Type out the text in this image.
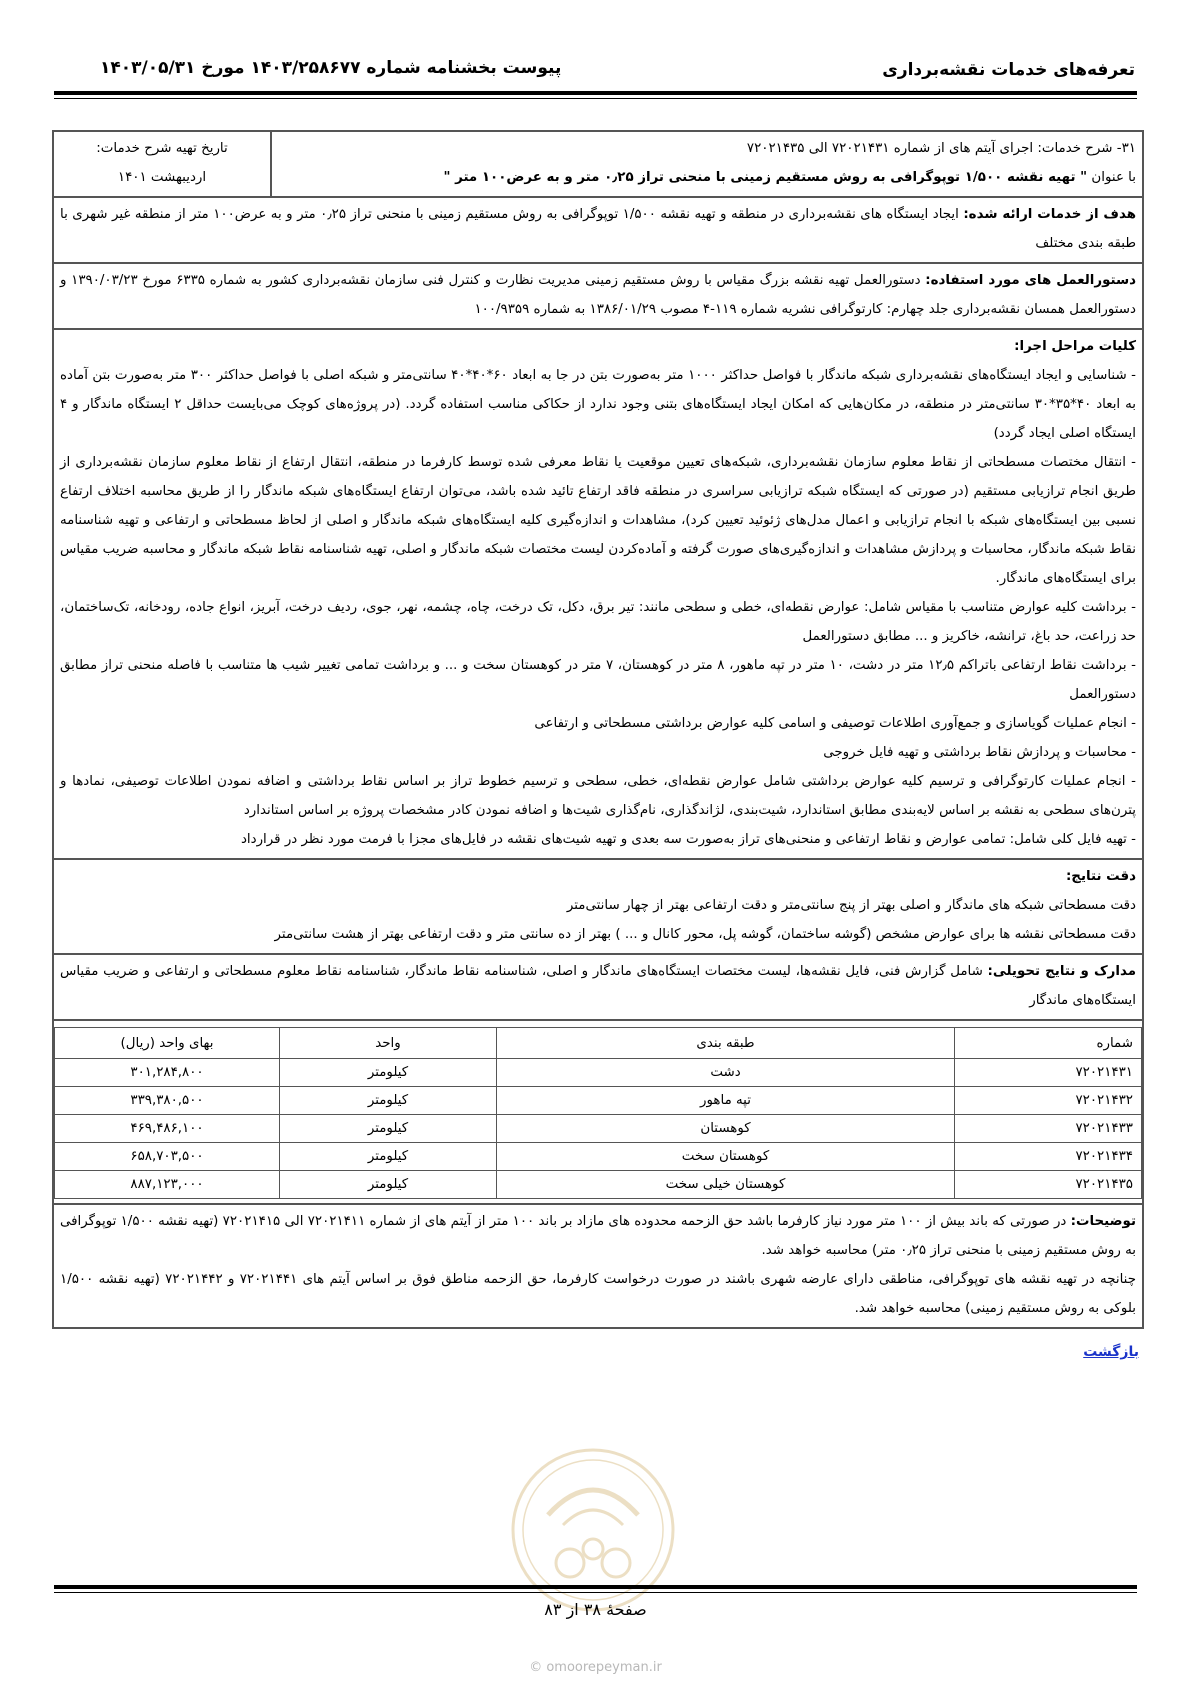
تعرفه‌های خدمات نقشه‌برداری
پیوست بخشنامه شماره ۱۴۰۳/۲۵۸۶۷۷ مورخ ۱۴۰۳/۰۵/۳۱
۳۱- شرح خدمات: اجرای آیتم های از شماره ۷۲۰۲۱۴۳۱ الی ۷۲۰۲۱۴۳۵
با عنوان " تهیه نقشه ۱/۵۰۰ توپوگرافی به روش مستقیم زمینی با منحنی تراز ۰٫۲۵ متر و به عرض۱۰۰ متر "
تاریخ تهیه شرح خدمات:
اردیبهشت ۱۴۰۱
هدف از خدمات ارائه شده: ایجاد ایستگاه های نقشه‌برداری در منطقه و تهیه نقشه ۱/۵۰۰ توپوگرافی به روش مستقیم زمینی با منحنی تراز ۰٫۲۵ متر و به عرض۱۰۰ متر از منطقه غیر شهری با طبقه بندی مختلف
دستورالعمل های مورد استفاده: دستورالعمل تهیه نقشه بزرگ مقیاس با روش مستقیم زمینی مدیریت نظارت و کنترل فنی سازمان نقشه‌برداری کشور به شماره ۶۳۳۵ مورخ ۱۳۹۰/۰۳/۲۳ و دستورالعمل همسان نقشه‌برداری جلد چهارم: کارتوگرافی نشریه شماره ۱۱۹-۴ مصوب ۱۳۸۶/۰۱/۲۹ به شماره ۱۰۰/۹۳۵۹
کلیات مراحل اجرا:
- شناسایی و ایجاد ایستگاه‌های نقشه‌برداری شبکه ماندگار با فواصل حداکثر ۱۰۰۰ متر به‌صورت بتن در جا به ابعاد ۶۰*۴۰*۴۰ سانتی‌متر و شبکه اصلی با فواصل حداکثر ۳۰۰ متر به‌صورت بتن آماده به ابعاد ۴۰*۳۵*۳۰ سانتی‌متر در منطقه، در مکان‌هایی که امکان ایجاد ایستگاه‌های بتنی وجود ندارد از حکاکی مناسب استفاده گردد. (در پروژه‌های کوچک می‌بایست حداقل ۲ ایستگاه ماندگار و ۴ ایستگاه اصلی ایجاد گردد)
- انتقال مختصات مسطحاتی از نقاط معلوم سازمان نقشه‌برداری، شبکه‌های تعیین موقعیت یا نقاط معرفی شده توسط کارفرما در منطقه، انتقال ارتفاع از نقاط معلوم سازمان نقشه‌برداری از طریق انجام ترازیابی مستقیم (در صورتی که ایستگاه شبکه ترازیابی سراسری در منطقه فاقد ارتفاع تائید شده باشد، می‌توان ارتفاع ایستگاه‌های شبکه ماندگار را از طریق محاسبه اختلاف ارتفاع نسبی بین ایستگاه‌های شبکه با انجام ترازیابی و اعمال مدل‌های ژئوئید تعیین کرد)، مشاهدات و اندازه‌گیری کلیه ایستگاه‌های شبکه ماندگار و اصلی از لحاظ مسطحاتی و ارتفاعی و تهیه شناسنامه نقاط شبکه ماندگار، محاسبات و پردازش مشاهدات و اندازه‌گیری‌های صورت گرفته و آماده‌کردن لیست مختصات شبکه ماندگار و اصلی، تهیه شناسنامه نقاط شبکه ماندگار و محاسبه ضریب مقیاس برای ایستگاه‌های ماندگار.
- برداشت کلیه عوارض متناسب با مقیاس شامل: عوارض نقطه‌ای، خطی و سطحی مانند: تیر برق، دکل، تک درخت، چاه، چشمه، نهر، جوی، ردیف درخت، آبریز، انواع جاده، رودخانه، تک‌ساختمان، حد زراعت، حد باغ، ترانشه، خاکریز و ... مطابق دستورالعمل
- برداشت نقاط ارتفاعی باتراکم ۱۲٫۵ متر در دشت، ۱۰ متر در تپه ماهور، ۸ متر در کوهستان، ۷ متر در کوهستان سخت و ... و برداشت تمامی تغییر شیب ها متناسب با فاصله منحنی تراز مطابق دستورالعمل
- انجام عملیات گویاسازی و جمع‌آوری اطلاعات توصیفی و اسامی کلیه عوارض برداشتی مسطحاتی و ارتفاعی
- محاسبات و پردازش نقاط برداشتی و تهیه فایل خروجی
- انجام عملیات کارتوگرافی و ترسیم کلیه عوارض برداشتی شامل عوارض نقطه‌ای، خطی، سطحی و ترسیم خطوط تراز بر اساس نقاط برداشتی و اضافه نمودن اطلاعات توصیفی، نمادها و پترن‌های سطحی به نقشه بر اساس لایه‌بندی مطابق استاندارد، شیت‌بندی، لژاندگذاری، نام‌گذاری شیت‌ها و اضافه نمودن کادر مشخصات پروژه بر اساس استاندارد
- تهیه فایل کلی شامل: تمامی عوارض و نقاط ارتفاعی و منحنی‌های تراز به‌صورت سه بعدی و تهیه شیت‌های نقشه در فایل‌های مجزا با فرمت مورد نظر در قرارداد
دقت نتایج:
دقت مسطحاتی شبکه های ماندگار و اصلی بهتر از پنج سانتی‌متر و دقت ارتفاعی بهتر از چهار سانتی‌متر
دقت مسطحاتی نقشه ها برای عوارض مشخص (گوشه ساختمان، گوشه پل، محور کانال و ... ) بهتر از ده سانتی متر و دقت ارتفاعی بهتر از هشت سانتی‌متر
مدارک و نتایج تحویلی: شامل گزارش فنی، فایل نقشه‌ها، لیست مختصات ایستگاه‌های ماندگار و اصلی، شناسنامه نقاط ماندگار، شناسنامه نقاط معلوم مسطحاتی و ارتفاعی و ضریب مقیاس ایستگاه‌های ماندگار
شماره	طبقه بندی	واحد	بهای واحد (ریال)
۷۲۰۲۱۴۳۱	دشت	کیلومتر	۳۰۱,۲۸۴,۸۰۰
۷۲۰۲۱۴۳۲	تپه ماهور	کیلومتر	۳۳۹,۳۸۰,۵۰۰
۷۲۰۲۱۴۳۳	کوهستان	کیلومتر	۴۶۹,۴۸۶,۱۰۰
۷۲۰۲۱۴۳۴	کوهستان سخت	کیلومتر	۶۵۸,۷۰۳,۵۰۰
۷۲۰۲۱۴۳۵	کوهستان خیلی سخت	کیلومتر	۸۸۷,۱۲۳,۰۰۰
توضیحات: در صورتی که باند بیش از ۱۰۰ متر مورد نیاز کارفرما باشد حق الزحمه محدوده های مازاد بر باند ۱۰۰ متر از آیتم های از شماره ۷۲۰۲۱۴۱۱ الی ۷۲۰۲۱۴۱۵ (تهیه نقشه ۱/۵۰۰ توپوگرافی به روش مستقیم زمینی با منحنی تراز ۰٫۲۵ متر) محاسبه خواهد شد.
چنانچه در تهیه نقشه های توپوگرافی، مناطقی دارای عارضه شهری باشند در صورت درخواست کارفرما، حق الزحمه مناطق فوق بر اساس آیتم های ۷۲۰۲۱۴۴۱ و ۷۲۰۲۱۴۴۲ (تهیه نقشه ۱/۵۰۰ بلوکی به روش مستقیم زمینی) محاسبه خواهد شد.
بازگشت
صفحهٔ ۳۸ از ۸۳
© omoorepeyman.ir
